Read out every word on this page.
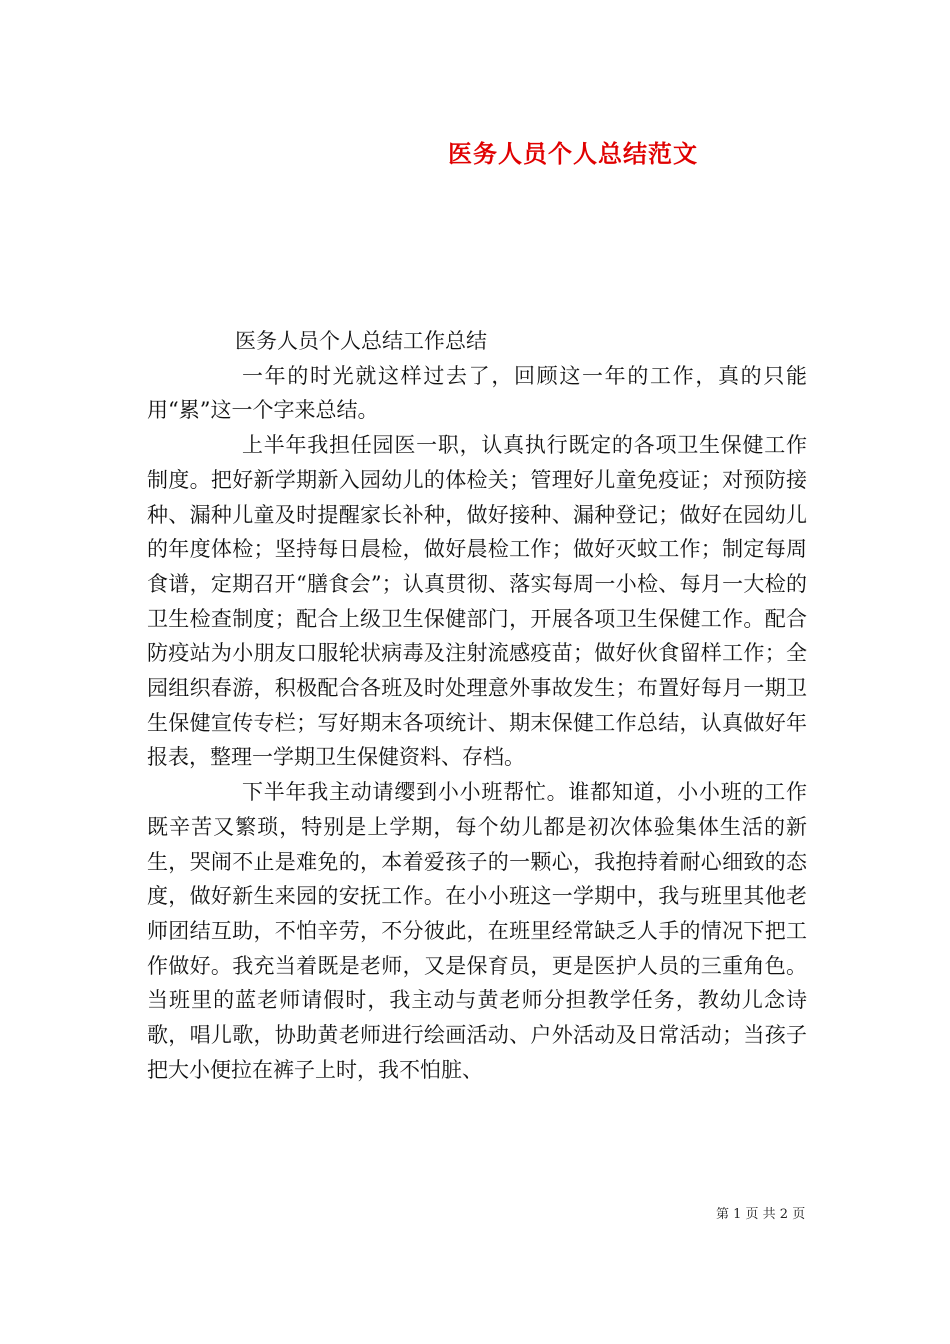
医务人员个人总结范文

医务人员个人总结工作总结

一年的时光就这样过去了，回顾这一年的工作，真的只能用“累”这一个字来总结。

上半年我担任园医一职，认真执行既定的各项卫生保健工作制度。把好新学期新入园幼儿的体检关；管理好儿童免疫证；对预防接种、漏种儿童及时提醒家长补种，做好接种、漏种登记；做好在园幼儿的年度体检；坚持每日晨检，做好晨检工作；做好灭蚊工作；制定每周食谱，定期召开“膳食会”；认真贯彻、落实每周一小检、每月一大检的卫生检查制度；配合上级卫生保健部门，开展各项卫生保健工作。配合防疫站为小朋友口服轮状病毒及注射流感疫苗；做好伙食留样工作；全园组织春游，积极配合各班及时处理意外事故发生；布置好每月一期卫生保健宣传专栏；写好期末各项统计、期末保健工作总结，认真做好年报表，整理一学期卫生保健资料、存档。

下半年我主动请缨到小小班帮忙。谁都知道，小小班的工作既辛苦又繁琐，特别是上学期，每个幼儿都是初次体验集体生活的新生，哭闹不止是难免的，本着爱孩子的一颗心，我抱持着耐心细致的态度，做好新生来园的安抚工作。在小小班这一学期中，我与班里其他老师团结互助，不怕辛劳，不分彼此，在班里经常缺乏人手的情况下把工作做好。我充当着既是老师，又是保育员，更是医护人员的三重角色。当班里的蓝老师请假时，我主动与黄老师分担教学任务，教幼儿念诗歌，唱儿歌，协助黄老师进行绘画活动、户外活动及日常活动；当孩子把大小便拉在裤子上时，我不怕脏、

第 1 页 共 2 页
